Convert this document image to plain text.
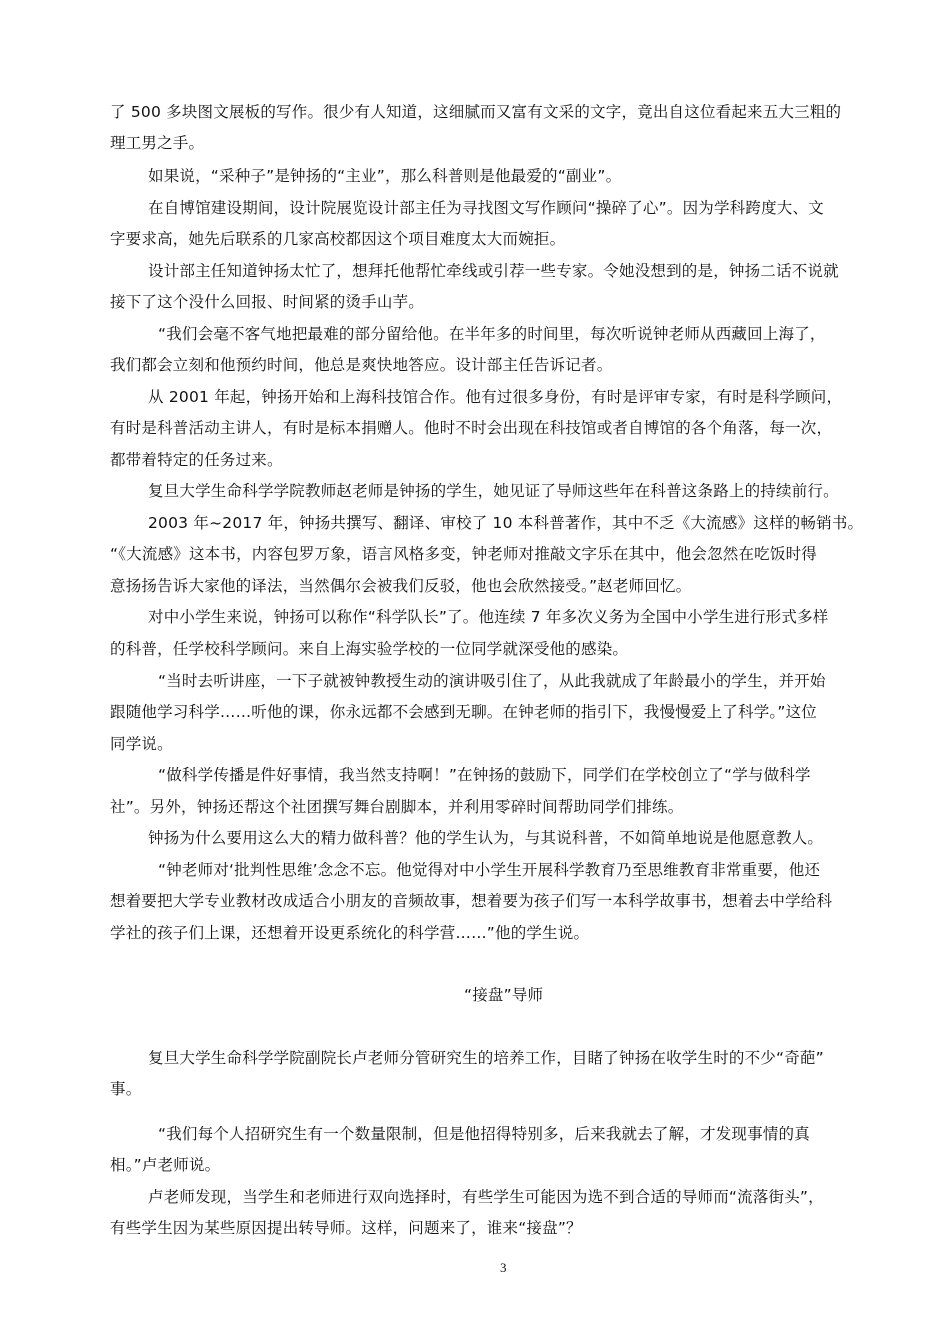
了 500 多块图文展板的写作。很少有人知道，这细腻而又富有文采的文字，竟出自这位看起来五大三粗的
理工男之手。
如果说，“采种子”是钟扬的“主业”，那么科普则是他最爱的“副业”。
在自博馆建设期间，设计院展览设计部主任为寻找图文写作顾问“操碎了心”。因为学科跨度大、文
字要求高，她先后联系的几家高校都因这个项目难度太大而婉拒。
设计部主任知道钟扬太忙了，想拜托他帮忙牵线或引荐一些专家。令她没想到的是，钟扬二话不说就
接下了这个没什么回报、时间紧的烫手山芋。
“我们会毫不客气地把最难的部分留给他。在半年多的时间里，每次听说钟老师从西藏回上海了，
我们都会立刻和他预约时间，他总是爽快地答应。设计部主任告诉记者。
从 2001 年起，钟扬开始和上海科技馆合作。他有过很多身份，有时是评审专家，有时是科学顾问，
有时是科普活动主讲人，有时是标本捐赠人。他时不时会出现在科技馆或者自博馆的各个角落，每一次，
都带着特定的任务过来。
复旦大学生命科学学院教师赵老师是钟扬的学生，她见证了导师这些年在科普这条路上的持续前行。
2003 年~2017 年，钟扬共撰写、翻译、审校了 10 本科普著作，其中不乏《大流感》这样的畅销书。
“《大流感》这本书，内容包罗万象，语言风格多变，钟老师对推敲文字乐在其中，他会忽然在吃饭时得
意扬扬告诉大家他的译法，当然偶尔会被我们反驳，他也会欣然接受。”赵老师回忆。
对中小学生来说，钟扬可以称作“科学队长”了。他连续 7 年多次义务为全国中小学生进行形式多样
的科普，任学校科学顾问。来自上海实验学校的一位同学就深受他的感染。
“当时去听讲座，一下子就被钟教授生动的演讲吸引住了，从此我就成了年龄最小的学生，并开始
跟随他学习科学……听他的课，你永远都不会感到无聊。在钟老师的指引下，我慢慢爱上了科学。”这位
同学说。
“做科学传播是件好事情，我当然支持啊！”在钟扬的鼓励下，同学们在学校创立了“学与做科学
社”。另外，钟扬还帮这个社团撰写舞台剧脚本，并利用零碎时间帮助同学们排练。
钟扬为什么要用这么大的精力做科普？他的学生认为，与其说科普，不如简单地说是他愿意教人。
“钟老师对‘批判性思维’念念不忘。他觉得对中小学生开展科学教育乃至思维教育非常重要，他还
想着要把大学专业教材改成适合小朋友的音频故事，想着要为孩子们写一本科学故事书，想着去中学给科
学社的孩子们上课，还想着开设更系统化的科学营……”他的学生说。
“接盘”导师
复旦大学生命科学学院副院长卢老师分管研究生的培养工作，目睹了钟扬在收学生时的不少“奇葩”
事。
“我们每个人招研究生有一个数量限制，但是他招得特别多，后来我就去了解，才发现事情的真
相。”卢老师说。
卢老师发现，当学生和老师进行双向选择时，有些学生可能因为选不到合适的导师而“流落街头”，
有些学生因为某些原因提出转导师。这样，问题来了，谁来“接盘”？
3
